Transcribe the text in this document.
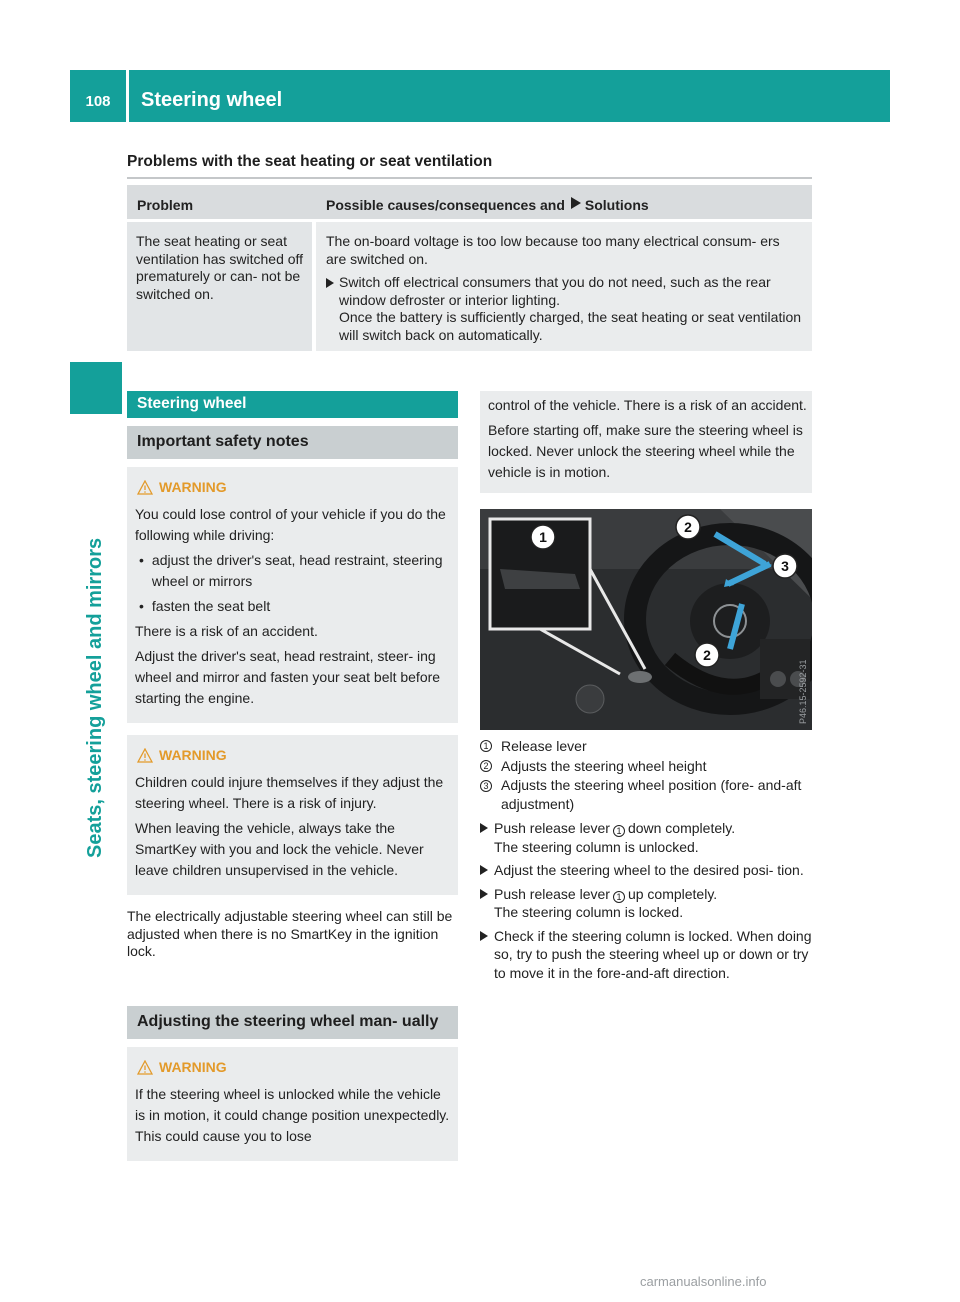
108	Steering wheel
Seats, steering wheel and mirrors
Problems with the seat heating or seat ventilation
Problem	Possible causes/consequences and Solutions
The seat heating or seat ventilation has switched off prematurely or can- not be switched on.
The on-board voltage is too low because too many electrical consum- ers are switched on.
Switch off electrical consumers that you do not need, such as the rear window defroster or interior lighting.
Once the battery is sufficiently charged, the seat heating or seat ventilation will switch back on automatically.
Steering wheel
Important safety notes
WARNING

You could lose control of your vehicle if you do the following while driving:

• adjust the driver's seat, head restraint, steering wheel or mirrors
• fasten the seat belt

There is a risk of an accident.

Adjust the driver's seat, head restraint, steer- ing wheel and mirror and fasten your seat belt before starting the engine.

WARNING

Children could injure themselves if they adjust the steering wheel. There is a risk of injury.

When leaving the vehicle, always take the SmartKey with you and lock the vehicle. Never leave children unsupervised in the vehicle.

The electrically adjustable steering wheel can still be adjusted when there is no SmartKey in the ignition lock.
Adjusting the steering wheel man- ually
WARNING

If the steering wheel is unlocked while the vehicle is in motion, it could change position unexpectedly. This could cause you to lose

control of the vehicle. There is a risk of an accident.

Before starting off, make sure the steering wheel is locked. Never unlock the steering wheel while the vehicle is in motion.

1
2
3
2
P46.15-2592-31
1 Release lever
2 Adjusts the steering wheel height
3 Adjusts the steering wheel position (fore- and-aft adjustment)
Push release lever 1 down completely.
The steering column is unlocked.
Adjust the steering wheel to the desired posi- tion.
Push release lever 1 up completely.
The steering column is locked.
Check if the steering column is locked. When doing so, try to push the steering wheel up or down or try to move it in the fore-and-aft direction.
carmanualsonline.info
